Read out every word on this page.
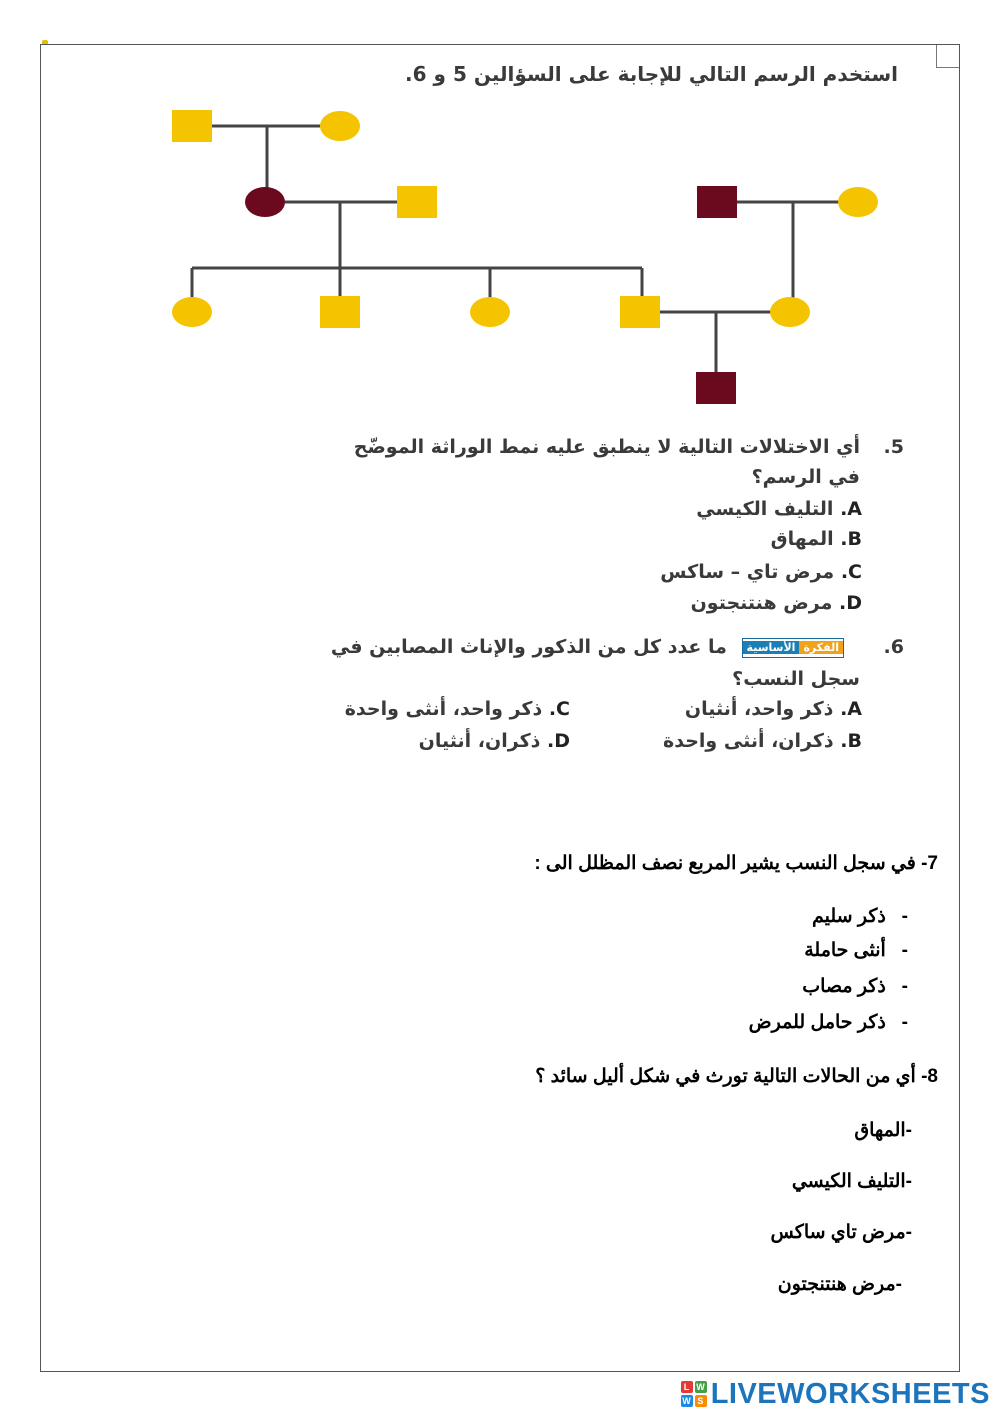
استخدم الرسم التالي للإجابة على السؤالين 5 و 6.
5.
أي الاختلالات التالية لا ينطبق عليه نمط الوراثة الموضّح
في الرسم؟
A. التليف الكيسي
B. المهاق
C. مرض تاي – ساكس
D. مرض هنتنجتون
6.
الفكرةالأساسية ما عدد كل من الذكور والإناث المصابين في
سجل النسب؟
A. ذكر واحد، أنثيان
C. ذكر واحد، أنثى واحدة
B. ذكران، أنثى واحدة
D. ذكران، أنثيان
7- في سجل النسب يشير المربع نصف المظلل الى :
-   ذكر سليم
-   أنثى حاملة
-   ذكر مصاب
-   ذكر حامل للمرض
8- أي من الحالات التالية تورث في شكل أليل سائد ؟
-المهاق
-التليف الكيسي
-مرض تاي ساكس
-مرض هنتنجتون
L W
W S LIVEWORKSHEETS
